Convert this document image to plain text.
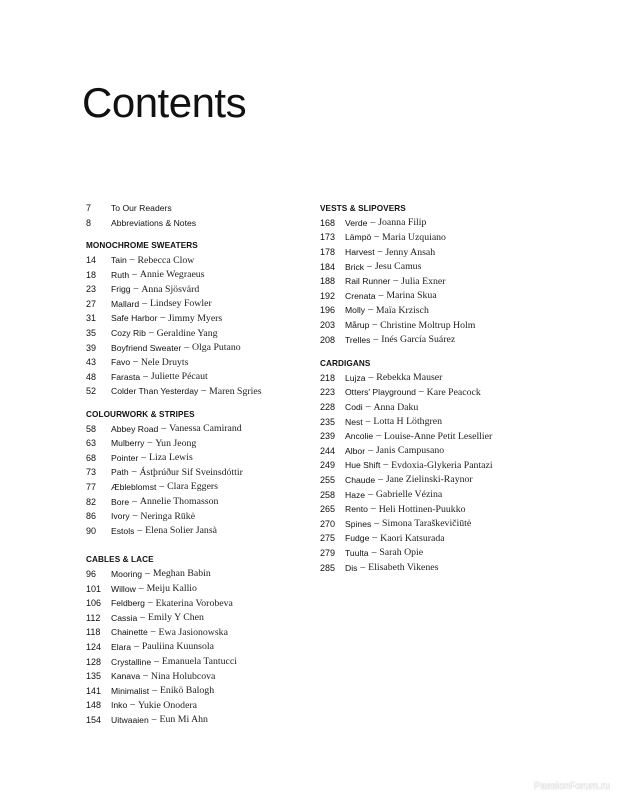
Contents
7	To Our Readers
8	Abbreviations & Notes
MONOCHROME SWEATERS
14	Tain – Rebecca Clow
18	Ruth – Annie Wegraeus
23	Frigg – Anna Sjösvärd
27	Mallard – Lindsey Fowler
31	Safe Harbor – Jimmy Myers
35	Cozy Rib – Geraldine Yang
39	Boyfriend Sweater – Olga Putano
43	Favo – Nele Druyts
48	Farasta – Juliette Pécaut
52	Colder Than Yesterday – Maren Sgries
COLOURWORK & STRIPES
58	Abbey Road – Vanessa Camirand
63	Mulberry – Yun Jeong
68	Pointer – Liza Lewis
73	Path – Ástþrúður Sif Sveinsdóttir
77	Æbleblomst – Clara Eggers
82	Bore – Annelie Thomasson
86	Ivory – Neringa Rūkė
90	Estols – Elena Solier Jansà
CABLES & LACE
96	Mooring – Meghan Babin
101	Willow – Meiju Kallio
106	Feldberg – Ekaterina Vorobeva
112	Cassia – Emily Y Chen
118	Chainette – Ewa Jasionowska
124	Elara – Pauliina Kuunsola
128	Crystalline – Emanuela Tantucci
135	Kanava – Nina Holubcova
141	Minimalist – Enikö Balogh
148	Inko – Yukie Onodera
154	Uitwaaien – Eun Mi Ahn
VESTS & SLIPOVERS
168	Verde – Joanna Filip
173	Lämpö – Maria Uzquiano
178	Harvest – Jenny Ansah
184	Brick – Jesu Camus
188	Rail Runner – Julia Exner
192	Crenata – Marina Skua
196	Molly – Maïa Krzisch
203	Mårup – Christine Moltrup Holm
208	Trelles – Inés García Suárez
CARDIGANS
218	Lujza – Rebekka Mauser
223	Otters' Playground – Kare Peacock
228	Codi – Anna Daku
235	Nest – Lotta H Löthgren
239	Ancolie – Louise-Anne Petit Lesellier
244	Albor – Janis Campusano
249	Hue Shift – Evdoxia-Glykeria Pantazi
255	Chaude – Jane Zielinski-Raynor
258	Haze – Gabrielle Vézina
265	Rento – Heli Hottinen-Puukko
270	Spines – Simona Taraškevičiūtė
275	Fudge – Kaori Katsurada
279	Tuulta – Sarah Opie
285	Dis – Elisabeth Vikenes
PassionForum.ru
